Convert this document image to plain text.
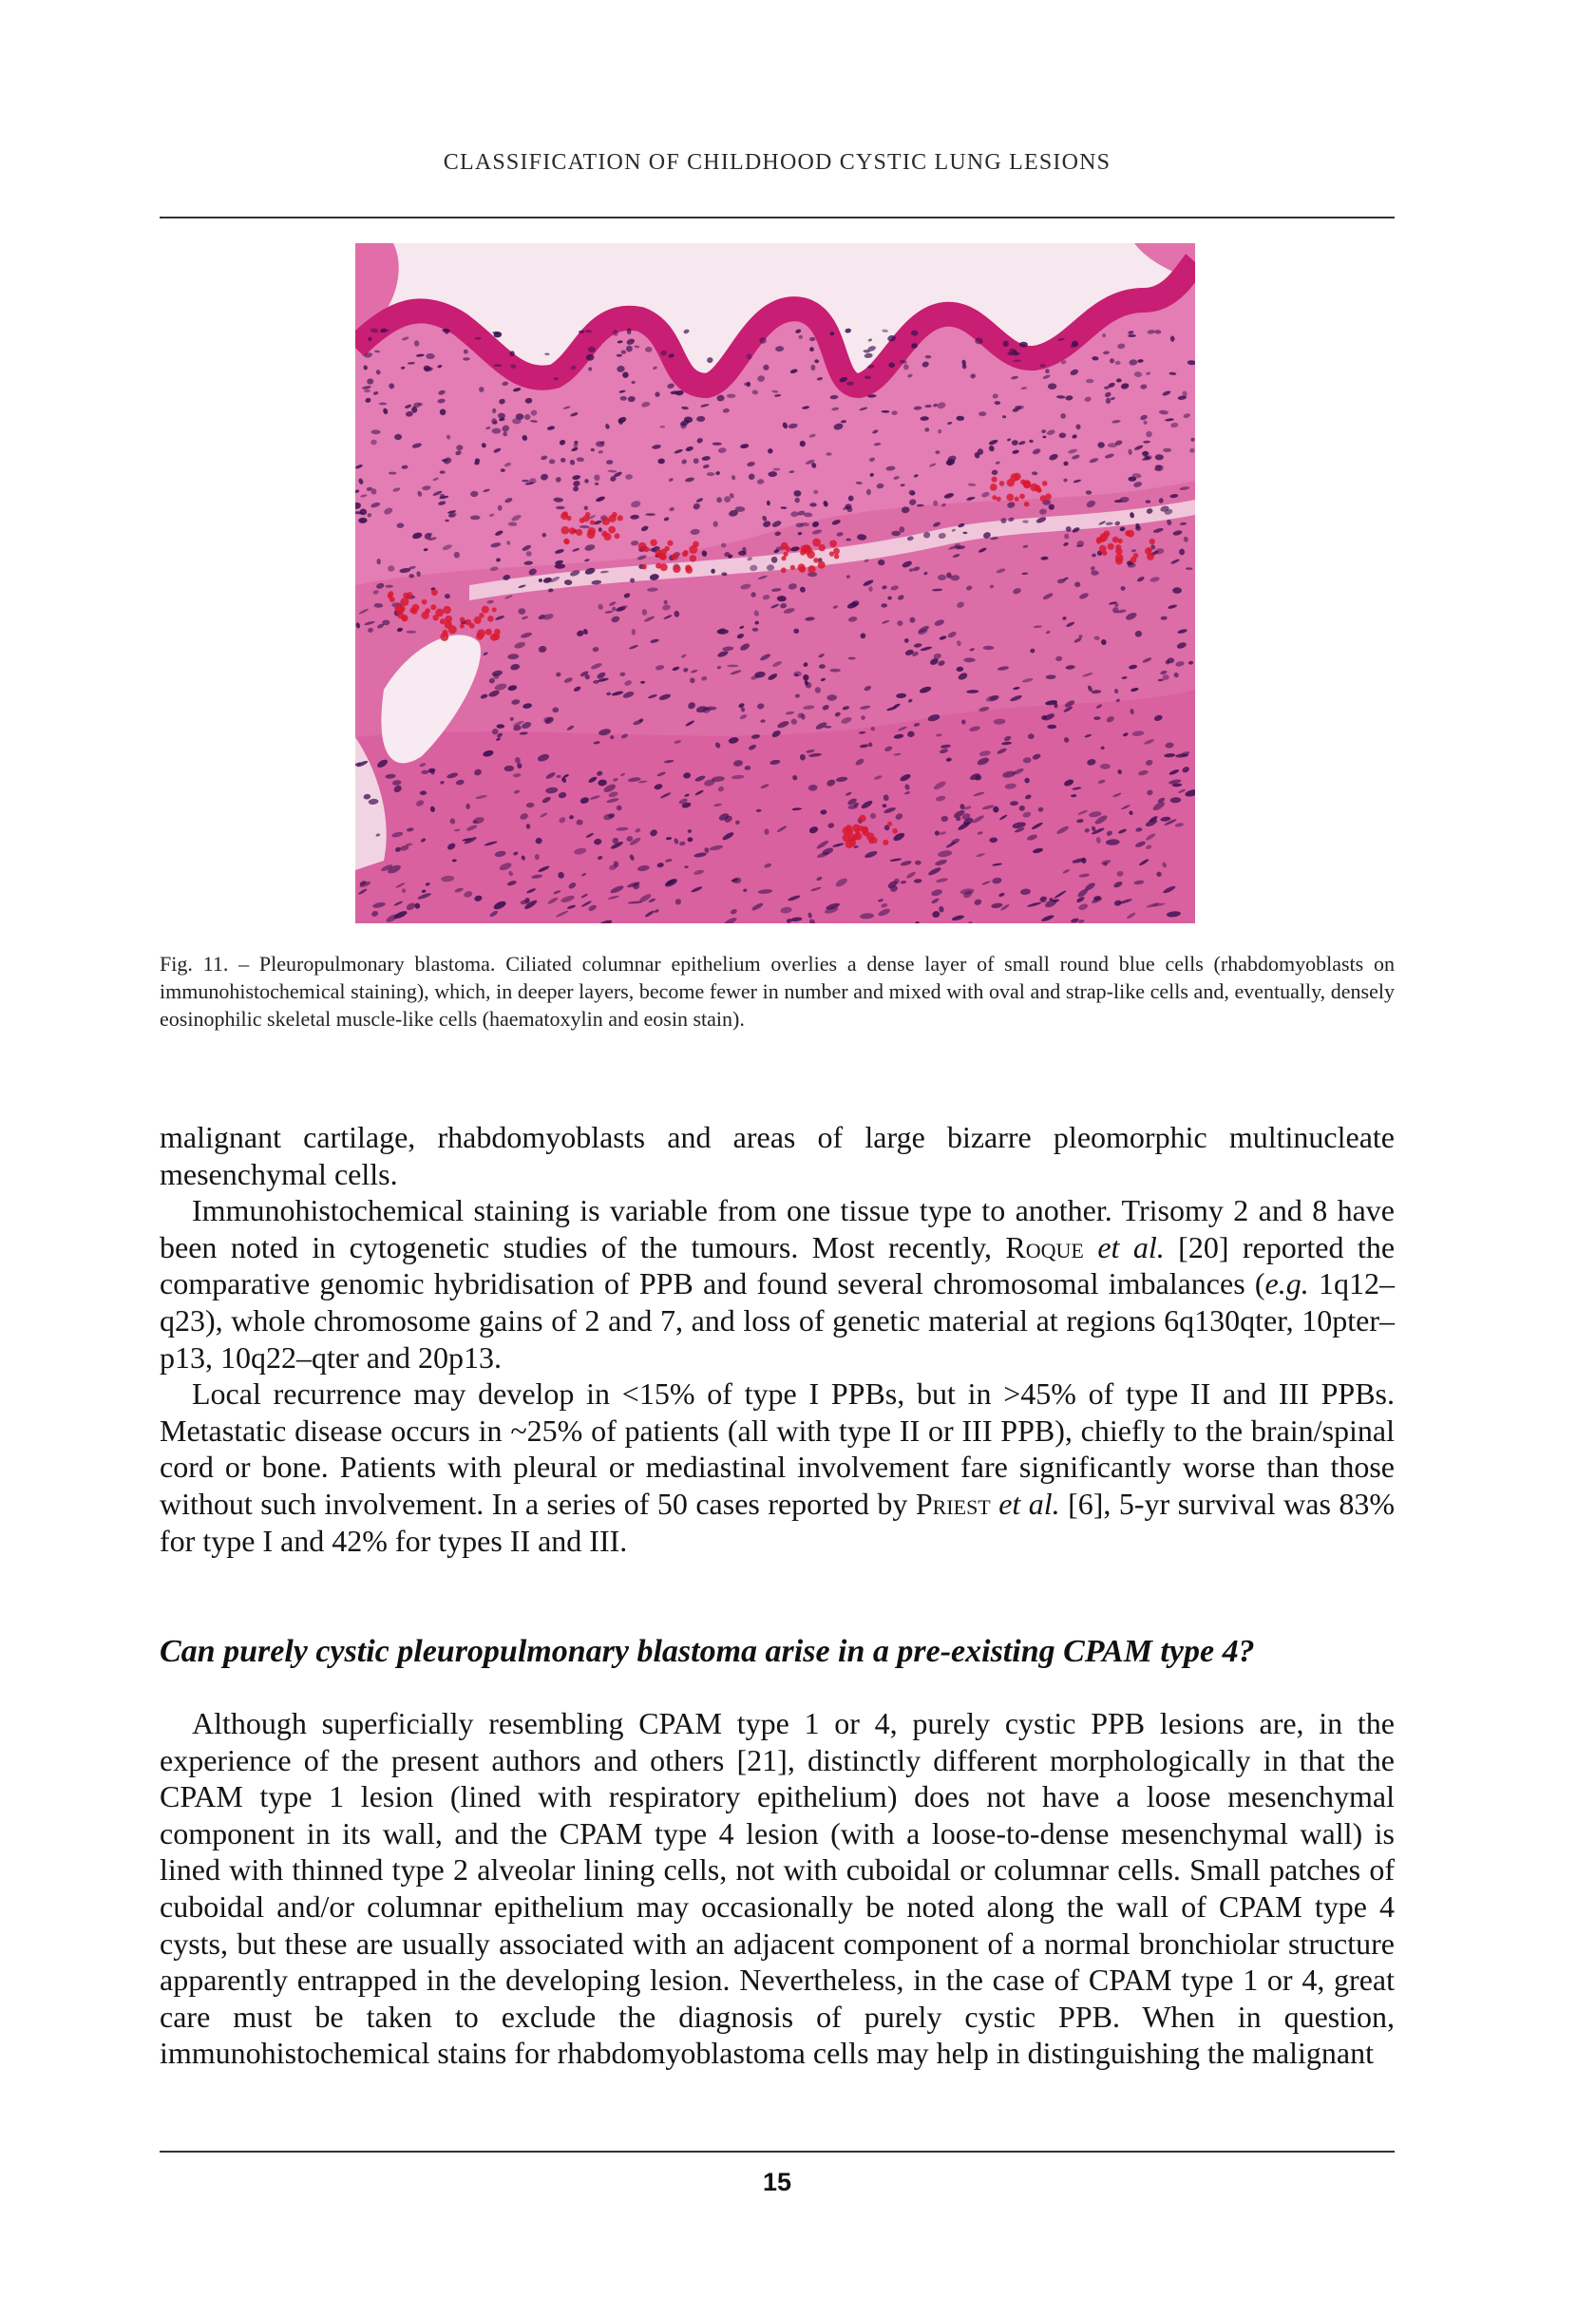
CLASSIFICATION OF CHILDHOOD CYSTIC LUNG LESIONS
Fig. 11. – Pleuropulmonary blastoma. Ciliated columnar epithelium overlies a dense layer of small round blue cells (rhabdomyoblasts on immunohistochemical staining), which, in deeper layers, become fewer in number and mixed with oval and strap-like cells and, eventually, densely eosinophilic skeletal muscle-like cells (haematoxylin and eosin stain).

malignant cartilage, rhabdomyoblasts and areas of large bizarre pleomorphic multinucleate mesenchymal cells.

Immunohistochemical staining is variable from one tissue type to another. Trisomy 2 and 8 have been noted in cytogenetic studies of the tumours. Most recently, Roque et al. [20] reported the comparative genomic hybridisation of PPB and found several chromosomal imbalances (e.g. 1q12–q23), whole chromosome gains of 2 and 7, and loss of genetic material at regions 6q130qter, 10pter–p13, 10q22–qter and 20p13.

Local recurrence may develop in <15% of type I PPBs, but in >45% of type II and III PPBs. Metastatic disease occurs in ~25% of patients (all with type II or III PPB), chiefly to the brain/spinal cord or bone. Patients with pleural or mediastinal involvement fare significantly worse than those without such involvement. In a series of 50 cases reported by Priest et al. [6], 5-yr survival was 83% for type I and 42% for types II and III.

Can purely cystic pleuropulmonary blastoma arise in a pre-existing CPAM type 4?

Although superficially resembling CPAM type 1 or 4, purely cystic PPB lesions are, in the experience of the present authors and others [21], distinctly different morphologically in that the CPAM type 1 lesion (lined with respiratory epithelium) does not have a loose mesenchymal component in its wall, and the CPAM type 4 lesion (with a loose-to-dense mesenchymal wall) is lined with thinned type 2 alveolar lining cells, not with cuboidal or columnar cells. Small patches of cuboidal and/or columnar epithelium may occasionally be noted along the wall of CPAM type 4 cysts, but these are usually associated with an adjacent component of a normal bronchiolar structure apparently entrapped in the developing lesion. Nevertheless, in the case of CPAM type 1 or 4, great care must be taken to exclude the diagnosis of purely cystic PPB. When in question, immunohistochemical stains for rhabdomyoblastoma cells may help in distinguishing the malignant

15
